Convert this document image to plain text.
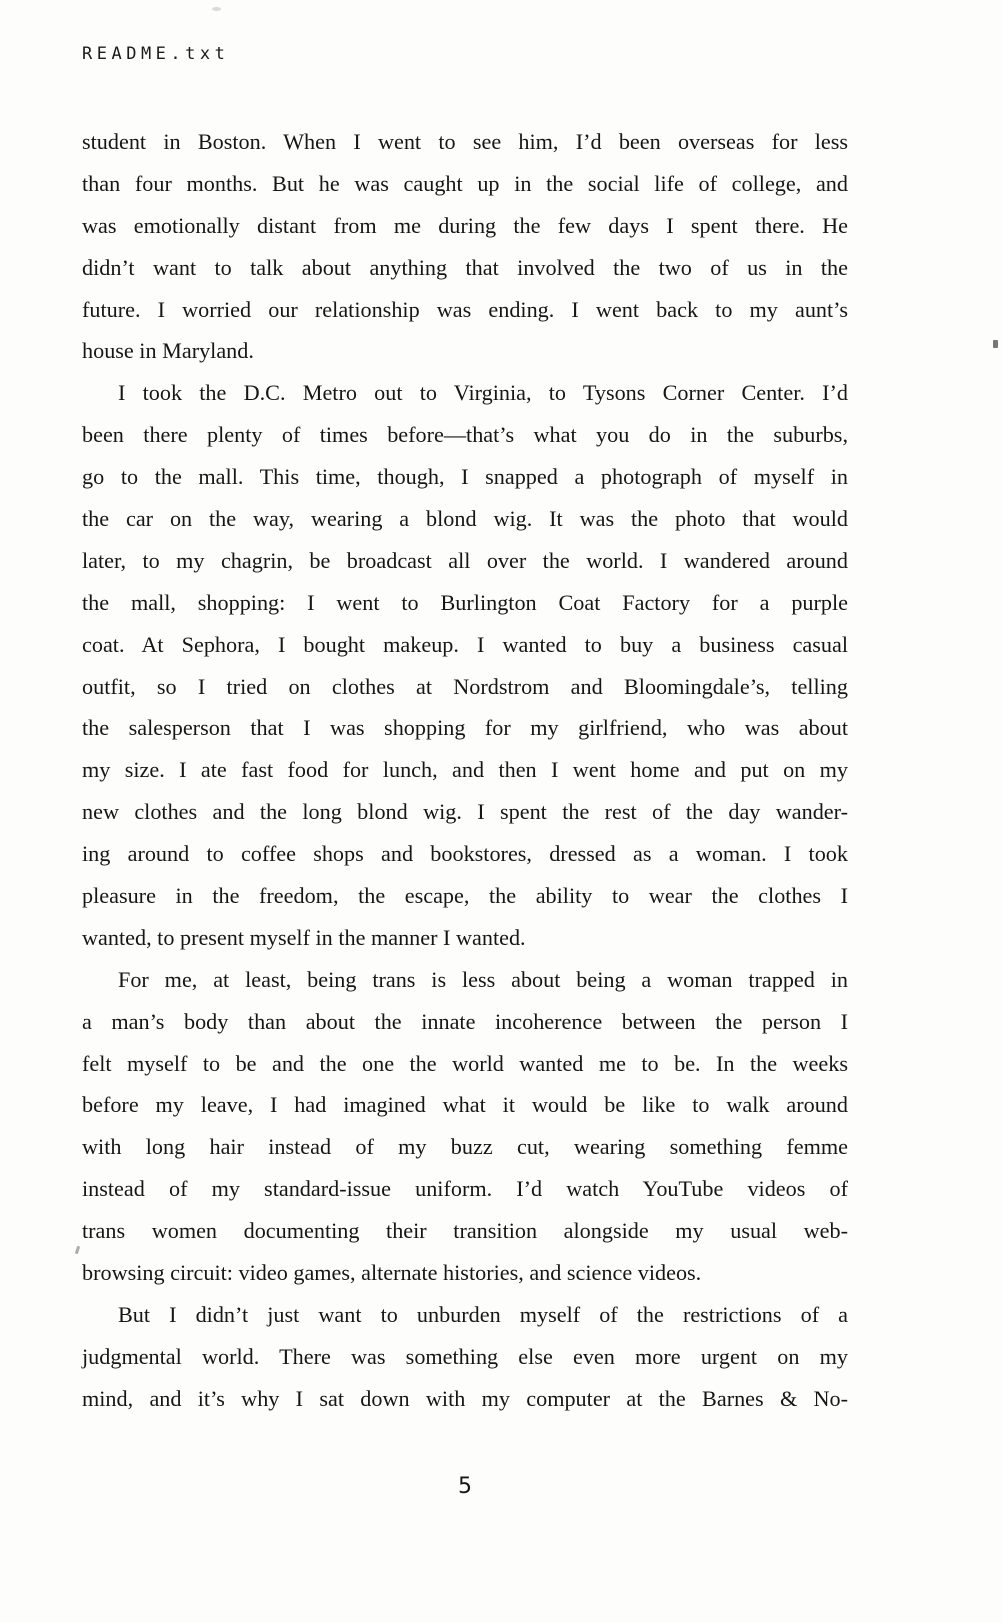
README.txt
student in Boston. When I went to see him, I’d been overseas for less
than four months. But he was caught up in the social life of college, and
was emotionally distant from me during the few days I spent there. He
didn’t want to talk about anything that involved the two of us in the
future. I worried our relationship was ending. I went back to my aunt’s
house in Maryland.
I took the D.C. Metro out to Virginia, to Tysons Corner Center. I’d
been there plenty of times before—that’s what you do in the suburbs,
go to the mall. This time, though, I snapped a photograph of myself in
the car on the way, wearing a blond wig. It was the photo that would
later, to my chagrin, be broadcast all over the world. I wandered around
the mall, shopping: I went to Burlington Coat Factory for a purple
coat. At Sephora, I bought makeup. I wanted to buy a business casual
outfit, so I tried on clothes at Nordstrom and Bloomingdale’s, telling
the salesperson that I was shopping for my girlfriend, who was about
my size. I ate fast food for lunch, and then I went home and put on my
new clothes and the long blond wig. I spent the rest of the day wander-
ing around to coffee shops and bookstores, dressed as a woman. I took
pleasure in the freedom, the escape, the ability to wear the clothes I
wanted, to present myself in the manner I wanted.
For me, at least, being trans is less about being a woman trapped in
a man’s body than about the innate incoherence between the person I
felt myself to be and the one the world wanted me to be. In the weeks
before my leave, I had imagined what it would be like to walk around
with long hair instead of my buzz cut, wearing something femme
instead of my standard-issue uniform. I’d watch YouTube videos of
trans women documenting their transition alongside my usual web-
browsing circuit: video games, alternate histories, and science videos.
But I didn’t just want to unburden myself of the restrictions of a
judgmental world. There was something else even more urgent on my
mind, and it’s why I sat down with my computer at the Barnes & No-
5
